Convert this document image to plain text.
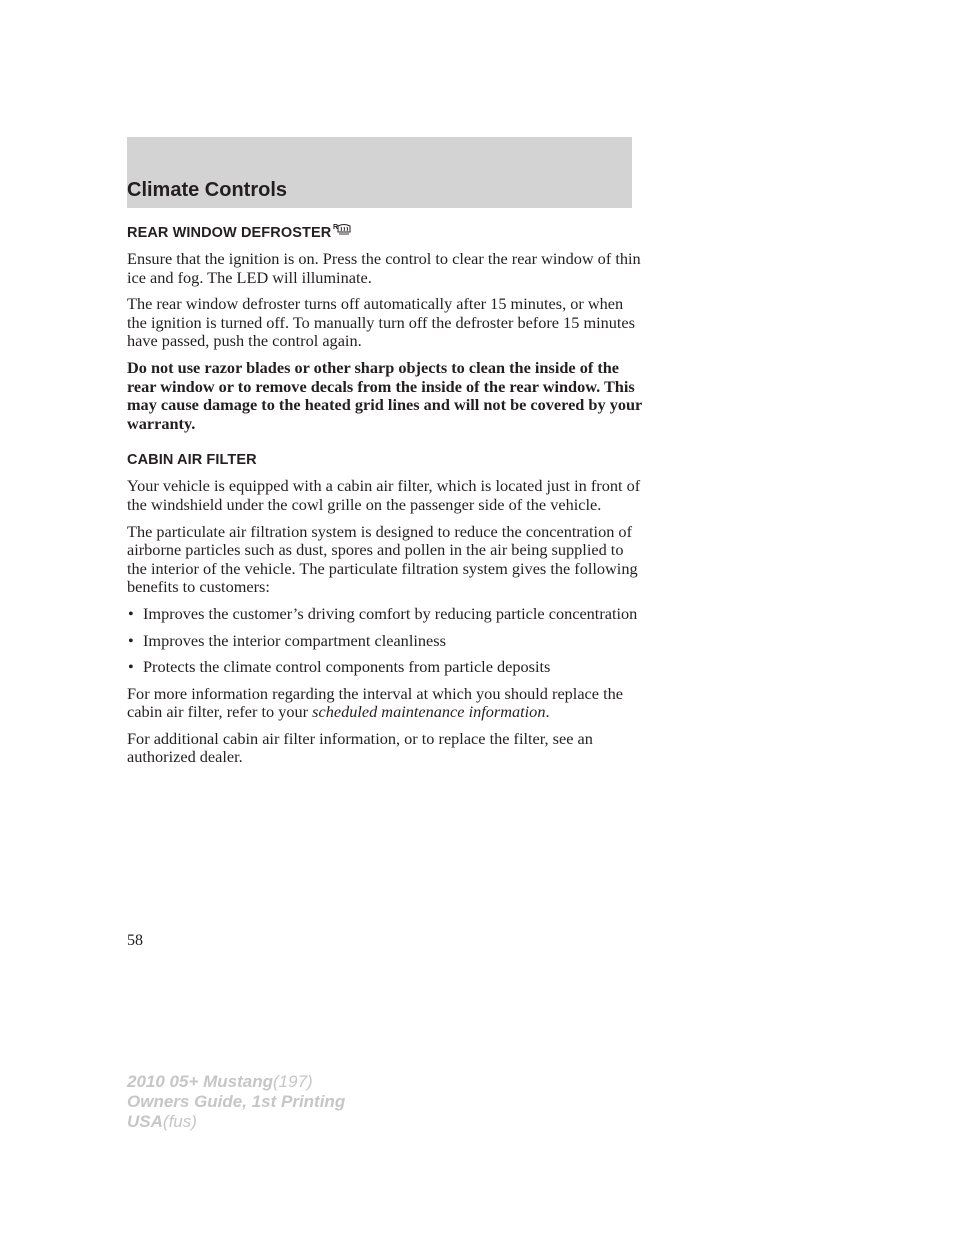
Climate Controls
REAR WINDOW DEFROSTER R

Ensure that the ignition is on. Press the control to clear the rear window of thin ice and fog. The LED will illuminate.

The rear window defroster turns off automatically after 15 minutes, or when the ignition is turned off. To manually turn off the defroster before 15 minutes have passed, push the control again.

Do not use razor blades or other sharp objects to clean the inside of the rear window or to remove decals from the inside of the rear window. This may cause damage to the heated grid lines and will not be covered by your warranty.

CABIN AIR FILTER

Your vehicle is equipped with a cabin air filter, which is located just in front of the windshield under the cowl grille on the passenger side of the vehicle.

The particulate air filtration system is designed to reduce the concentration of airborne particles such as dust, spores and pollen in the air being supplied to the interior of the vehicle. The particulate filtration system gives the following benefits to customers:

• Improves the customer’s driving comfort by reducing particle concentration
• Improves the interior compartment cleanliness
• Protects the climate control components from particle deposits

For more information regarding the interval at which you should replace the cabin air filter, refer to your scheduled maintenance information.

For additional cabin air filter information, or to replace the filter, see an authorized dealer.

58
2010 05+ Mustang(197)
Owners Guide, 1st Printing
USA(fus)
